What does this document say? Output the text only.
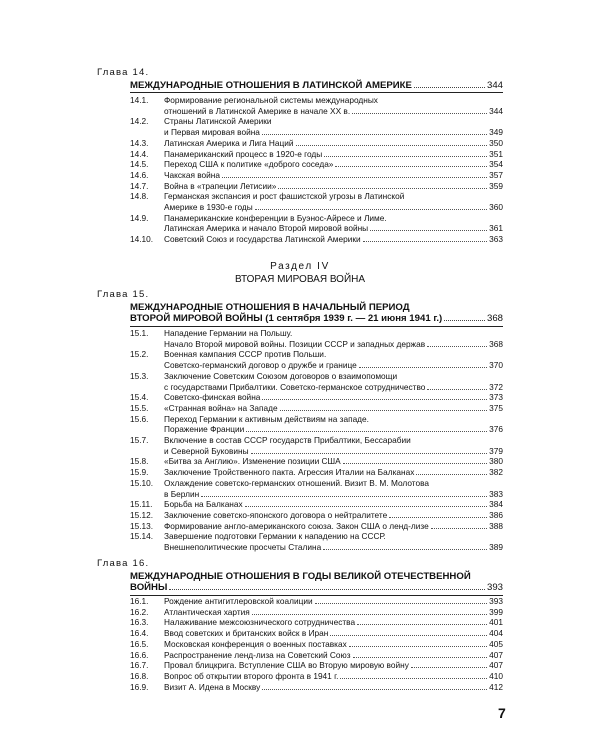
Глава 14.
МЕЖДУНАРОДНЫЕ ОТНОШЕНИЯ В ЛАТИНСКОЙ АМЕРИКЕ	344
14.1.	Формирование региональной системы международных
отношений в Латинской Америке в начале XX в.	344
14.2.	Страны Латинской Америки
и Первая мировая война	349
14.3.	Латинская Америка и Лига Наций	350
14.4.	Панамериканский процесс в 1920-е годы	351
14.5.	Переход США к политике «доброго соседа»	354
14.6.	Чакская война	357
14.7.	Война в «трапеции Летисии»	359
14.8.	Германская экспансия и рост фашистской угрозы в Латинской
Америке в 1930-е годы	360
14.9.	Панамериканские конференции в Буэнос-Айресе и Лиме.
Латинская Америка и начало Второй мировой войны	361
14.10.	Советский Союз и государства Латинской Америки	363
Раздел IV
ВТОРАЯ МИРОВАЯ ВОЙНА
Глава 15.
МЕЖДУНАРОДНЫЕ ОТНОШЕНИЯ В НАЧАЛЬНЫЙ ПЕРИОД
ВТОРОЙ МИРОВОЙ ВОЙНЫ (1 сентября 1939 г. — 21 июня 1941 г.)	368
15.1.	Нападение Германии на Польшу.
Начало Второй мировой войны. Позиции СССР и западных держав	368
15.2.	Военная кампания СССР против Польши.
Советско-германский договор о дружбе и границе	370
15.3.	Заключение Советским Союзом договоров о взаимопомощи
с государствами Прибалтики. Советско-германское сотрудничество	372
15.4.	Советско-финская война	373
15.5.	«Странная война» на Западе	375
15.6.	Переход Германии к активным действиям на западе.
Поражение Франции	376
15.7.	Включение в состав СССР государств Прибалтики, Бессарабии
и Северной Буковины	379
15.8.	«Битва за Англию». Изменение позиции США	380
15.9.	Заключение Тройственного пакта. Агрессия Италии на Балканах	382
15.10.	Охлаждение советско-германских отношений. Визит В. М. Молотова
в Берлин	383
15.11.	Борьба на Балканах	384
15.12.	Заключение советско-японского договора о нейтралитете	386
15.13.	Формирование англо-американского союза. Закон США о ленд-лизе	388
15.14.	Завершение подготовки Германии к нападению на СССР.
Внешнеполитические просчеты Сталина	389
Глава 16.
МЕЖДУНАРОДНЫЕ ОТНОШЕНИЯ В ГОДЫ ВЕЛИКОЙ ОТЕЧЕСТВЕННОЙ
ВОЙНЫ	393
16.1.	Рождение антигитлеровской коалиции	393
16.2.	Атлантическая хартия	399
16.3.	Налаживание межсоюзнического сотрудничества	401
16.4.	Ввод советских и британских войск в Иран	404
16.5.	Московская конференция о военных поставках	405
16.6.	Распространение ленд-лиза на Советский Союз	407
16.7.	Провал блицкрига. Вступление США во Вторую мировую войну	407
16.8.	Вопрос об открытии второго фронта в 1941 г.	410
16.9.	Визит А. Идена в Москву	412
7
